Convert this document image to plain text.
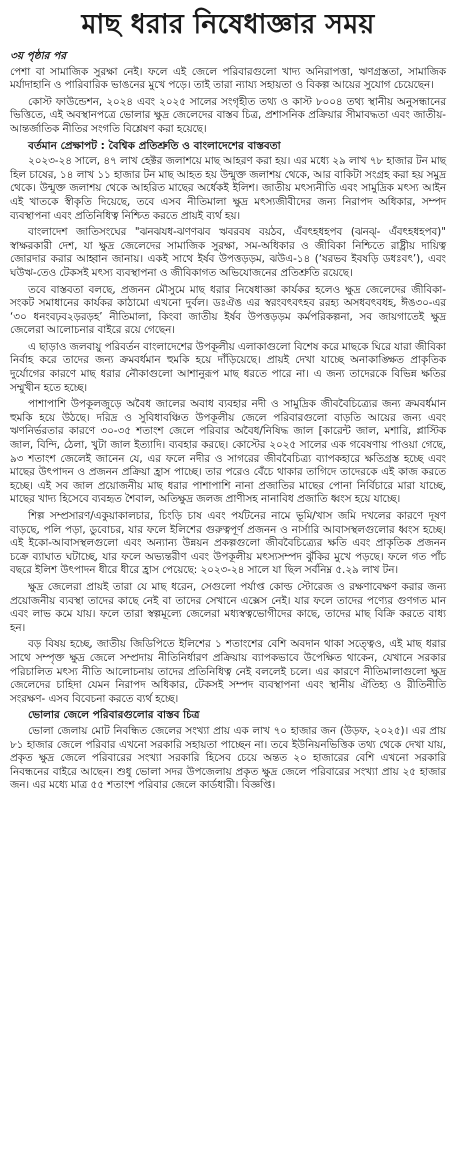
মাছ ধরার নিষেধাজ্ঞার সময়
৩য় পৃষ্ঠার পর

পেশা বা সামাজিক সুরক্ষা নেই। ফলে এই জেলে পরিবারগুলো খাদ্য অনিরাপত্তা, ঋণগ্রস্ততা, সামাজিক মর্যাদাহানি ও পারিবারিক ভাঙনের মুখে পড়ে। তাই তারা ন্যায্য সহায়তা ও বিকল্প আয়ের সুযোগ চেয়েছেন।

কোস্ট ফাউন্ডেশন, ২০২৪ এবং ২০২৫ সালের সংগৃহীত তথ্য ও কাস্ট ৮০০৪ তথ্য স্থানীয় অনুসন্ধানের ভিত্তিতে, এই অবস্থানপত্রে ভোলার ক্ষুদ্র জেলেদের বাস্তব চিত্র, প্রশাসনিক প্রক্রিয়ার সীমাবদ্ধতা এবং জাতীয়-আন্তর্জাতিক নীতির সংগতি বিশ্লেষণ করা হয়েছে।

বর্তমান প্রেক্ষাপট : বৈশ্বিক প্রতিশ্রুতি ও বাংলাদেশের বাস্তবতা

২০২৩-২৪ সালে, ৪৭ লাখ হেক্টর জলাশয়ে মাছ আহরণ করা হয়। এর মধ্যে ২৯ লাখ ৭৮ হাজার টন মাছ হিল চাষের, ১৪ লাখ ১১ হাজার টন মাছ আহত হয় উন্মুক্ত জলাশয় থেকে, আর বাকিটা সংগ্রহ করা হয় সমুদ্র থেকে। উন্মুক্ত জলাশয় থেকে আহরিত মাছের অর্ধেকই ইলিশ। জাতীয় মৎস্যনীতি এবং সামুদ্রিক মৎস্য আইন এই খাতকে স্বীকৃতি দিয়েছে, তবে এসব নীতিমালা ক্ষুদ্র মৎস্যজীবীদের জন্য নিরাপদ অধিকার, সম্পদ ব্যবস্থাপনা এবং প্রতিনিধিত্ব নিশ্চিত করতে প্রায়ই ব্যর্থ হয়।

বাংলাদেশ জাতিসংঘের "ঝনঝযধ-ঝণণঝব ঋবরবষ বয়ঠব, এঁবৎহধহপব (ঝনঝ্- এঁবৎহধহপব)" স্বাক্ষরকারী দেশ, যা ক্ষুদ্র জেলেদের সামাজিক সুরক্ষা, সম-অধিকার ও জীবিকা নিশ্চিতে রাষ্ট্রীয় দায়িত্ব জোরদার করার আহ্বান জানায়। একই সাথে ইর্ষব উপত্তড়ড়ম, ঝউএ-১৪ (‘ষরভব ইবষড়ি ডধঃবৎ’), এবং ঘউঋ-তেও টেকসই মৎস্য ব্যবস্থাপনা ও জীবিকাগত অভিযোজনের প্রতিশ্রুতি রয়েছে।

তবে বাস্তবতা বলছে, প্রজনন মৌসুমে মাছ ধরার নিষেধাজ্ঞা কার্যকর হলেও ক্ষুদ্র জেলেদের জীবিকা-সংকট সমাধানের কার্যকর কাঠামো এখনো দুর্বল। ডঃঐঙ এর স্বরংবৎবৎহব ররহ্য অসধবৎবধহ, ঈঙ৩০-এর ‘৩০ ধনংবঢ়ব২ড়রড়হ’ নীতিমালা, কিংবা জাতীয় ইর্ষব উপত্তড়ড়ম কর্মপরিকল্পনা, সব জায়গাতেই ক্ষুদ্র জেলেরা আলোচনার বাইরে রয়ে গেছেন।

এ ছাড়াও জলবায়ু পরিবর্তন বাংলাদেশের উপকূলীয় এলাকাগুলো বিশেষ করে মাছকে ঘিরে যারা জীবিকা নির্বাহ করে তাদের জন্য ক্রমবর্ধমান হুমকি হয়ে দাঁড়িয়েছে। প্রায়ই দেখা যাচ্ছে অনাকাঙ্ক্ষিত প্রাকৃতিক দুর্যোগের কারণে মাছ ধরার নৌকাগুলো আশানুরূপ মাছ ধরতে পারে না। এ জন্য তাদেরকে বিভিন্ন ক্ষতির সম্মুখীন হতে হচ্ছে।

পাশাপাশি উপকূলজুড়ে অবৈধ জালের অবাধ ব্যবহার নদী ও সামুদ্রিক জীববৈচিত্র্যের জন্য ক্রমবর্ধমান হুমকি হয়ে উঠছে। দরিদ্র ও সুবিধাবঞ্চিত উপকূলীয় জেলে পরিবারগুলো বাড়তি আয়ের জন্য এবং ঋণনির্ভরতার কারণে ৩০-৩৫ শতাংশ জেলে পরিবার অবৈধ/নিষিদ্ধ জাল [কারেন্ট জাল, মশারি, প্লাস্টিক জাল, বিন্দি, ঠেলা, খুটা জাল ইত্যাদি। ব্যবহার করছে। কোস্টের ২০২৫ সালের এক গবেষণায় পাওয়া গেছে, ৯৩ শতাংশ জেলেই জানেন যে, এর ফলে নদীর ও সাগরের জীববৈচিত্র্য ব্যাপকহারে ক্ষতিগ্রস্ত হচ্ছে এবং মাছের উৎপাদন ও প্রজনন প্রক্রিয়া হ্রাস পাচ্ছে। তার পরেও বেঁচে থাকার তাগিদে তাদেরকে এই কাজ করতে হচ্ছে। এই সব জাল প্রয়োজনীয় মাছ ধরার পাশাপাশি নানা প্রজাতির মাছের পোনা নির্বিচারে মারা যাচ্ছে, মাছের খাদ্য হিসেবে ব্যবহৃত শৈবাল, অতিক্ষুদ্র জলজ প্রাণীসহ নানাবিধ প্রজাতি ধ্বংস হয়ে যাচ্ছে।

শিল্প সম্প্রসারণ/একুয়াকালচার, চিংড়ি চাষ এবং পর্যটনের নামে ভূমি/খাস জমি দখলের কারণে দূষণ বাড়ছে, পলি পড়া, ডুবোচর, যার ফলে ইলিশের গুরুত্বপূর্ণ প্রজনন ও নার্সারি আবাসস্থলগুলোর ধ্বংস হচ্ছে। এই ইকো-আবাসস্থলগুলো এবং অন্যান্য উন্নয়ন প্রকল্পগুলো জীববৈচিত্র্যের ক্ষতি এবং প্রাকৃতিক প্রজনন চক্রে ব্যাঘাত ঘটাচ্ছে, যার ফলে অভ্যন্তরীণ এবং উপকূলীয় মৎস্যসম্পদ ঝুঁকির মুখে পড়ছে। ফলে গত পাঁচ বছরে ইলিশ উৎপাদন ধীরে ধীরে হ্রাস পেয়েছে: ২০২৩-২৪ সালে যা ছিল সর্বনিম্ন ৫.২৯ লাখ টন।

ক্ষুদ্র জেলেরা প্রায়ই তারা যে মাছ ধরেন, সেগুলো পর্যাপ্ত কোল্ড স্টোরেজ ও রক্ষণাবেক্ষণ করার জন্য প্রয়োজনীয় ব্যবস্থা তাদের কাছে নেই বা তাদের সেখানে এক্সেস নেই। যার ফলে তাদের পণ্যের গুণগত মান এবং লাভ কমে যায়। ফলে তারা স্বল্পমূল্যে জেলেরা মধ্যস্বত্বভোগীদের কাছে, তাদের মাছ বিক্রি করতে বাধ্য হন।

বড় বিষয় হচ্ছে, জাতীয় জিডিপিতে ইলিশের ১ শতাংশের বেশি অবদান থাকা সত্ত্বেও, এই মাছ ধরার সাথে সম্পৃক্ত ক্ষুদ্র জেলে সম্প্রদায় নীতিনির্ধারণ প্রক্রিয়ায় ব্যাপকভাবে উপেক্ষিত থাকেন, যেখানে সরকার পরিচালিত মৎস্য নীতি আলোচনায় তাদের প্রতিনিধিত্ব নেই বললেই চলে। এর কারণে নীতিমালাগুলো ক্ষুদ্র জেলেদের চাহিদা যেমন নিরাপদ অধিকার, টেকসই সম্পদ ব্যবস্থাপনা এবং স্থানীয় ঐতিহ্য ও রীতিনীতি সংরক্ষণ- এসব বিবেচনা করতে ব্যর্থ হচ্ছে।

ভোলার জেলে পরিবারগুলোর বাস্তব চিত্র

ভোলা জেলায় মোট নিবন্ধিত জেলের সংখ্যা প্রায় এক লাখ ৭০ হাজার জন (উড়ফ, ২০২৫)। এর প্রায় ৮১ হাজার জেলে পরিবার এখনো সরকারি সহায়তা পাচ্ছেন না। তবে ইউনিয়নভিত্তিক তথ্য থেকে দেখা যায়, প্রকৃত ক্ষুদ্র জেলে পরিবারের সংখ্যা সরকারি হিসেব চেয়ে অন্তত ২০ হাজারের বেশি এখনো সরকারি নিবন্ধনের বাইরে আছেন। শুধু ভোলা সদর উপজেলায় প্রকৃত ক্ষুদ্র জেলে পরিবারের সংখ্যা প্রায় ২৫ হাজার জন। এর মধ্যে মাত্র ৫৫ শতাংশ পরিবার জেলে কার্ডধারী। বিজ্ঞপ্তি।
